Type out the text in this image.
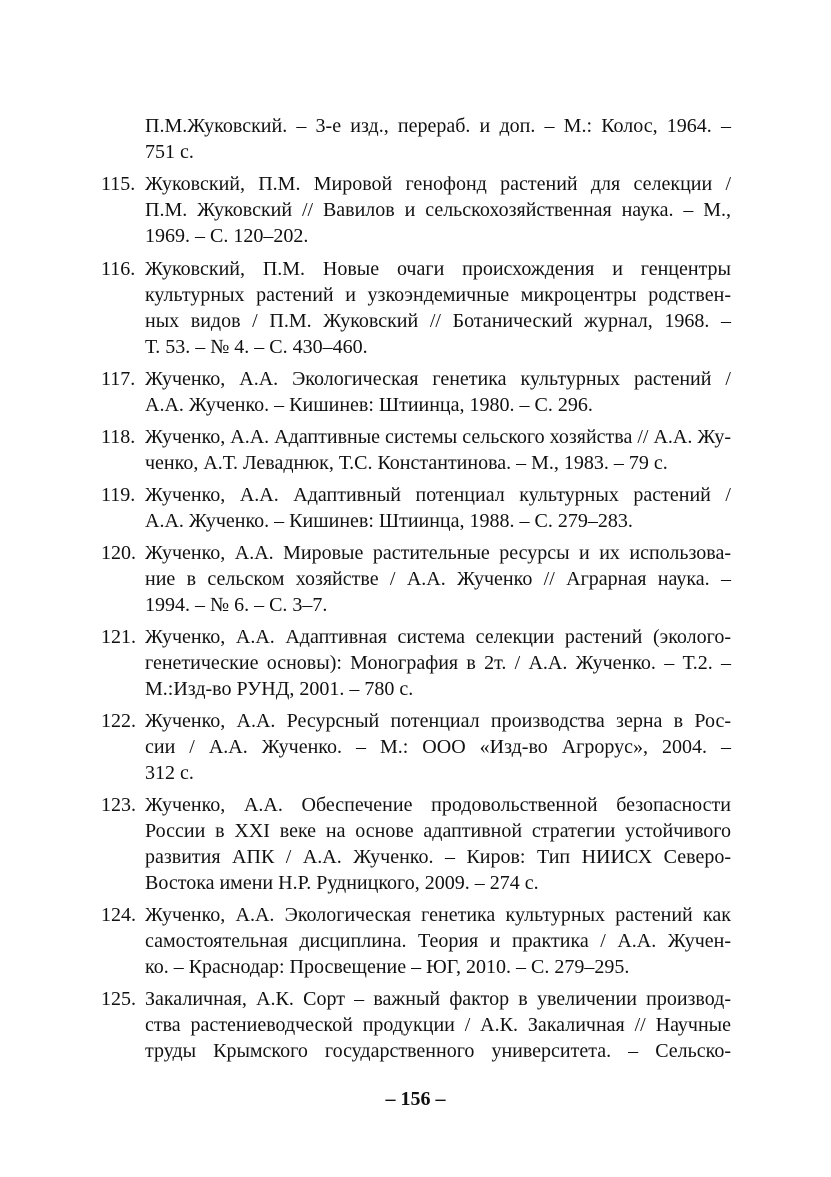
П.М.Жуковский. – 3-е изд., перераб. и доп. – М.: Колос, 1964. –
751 с.
115. Жуковский, П.М. Мировой генофонд растений для селекции /
П.М. Жуковский // Вавилов и сельскохозяйственная наука. – М.,
1969. – С. 120–202.
116. Жуковский, П.М. Новые очаги происхождения и генцентры
культурных растений и узкоэндемичные микроцентры родствен-
ных видов / П.М. Жуковский // Ботанический журнал, 1968. –
Т. 53. – № 4. – С. 430–460.
117. Жученко, А.А. Экологическая генетика культурных растений /
А.А. Жученко. – Кишинев: Штиинца, 1980. – С. 296.
118. Жученко, А.А. Адаптивные системы сельского хозяйства // А.А. Жу-
ченко, А.Т. Леваднюк, Т.С. Константинова. – М., 1983. – 79 с.
119. Жученко, А.А. Адаптивный потенциал культурных растений /
А.А. Жученко. – Кишинев: Штиинца, 1988. – С. 279–283.
120. Жученко, А.А. Мировые растительные ресурсы и их использова-
ние в сельском хозяйстве / А.А. Жученко // Аграрная наука. –
1994. – № 6. – С. 3–7.
121. Жученко, А.А. Адаптивная система селекции растений (эколого-
генетические основы): Монография в 2т. / А.А. Жученко. – Т.2. –
М.:Изд-во РУНД, 2001. – 780 с.
122. Жученко, А.А. Ресурсный потенциал производства зерна в Рос-
сии / А.А. Жученко. – М.: ООО «Изд-во Агрорус», 2004. –
312 с.
123. Жученко, А.А. Обеспечение продовольственной безопасности
России в XXI веке на основе адаптивной стратегии устойчивого
развития АПК / А.А. Жученко. – Киров: Тип НИИСХ Северо-
Востока имени Н.Р. Рудницкого, 2009. – 274 с.
124. Жученко, А.А. Экологическая генетика культурных растений как
самостоятельная дисциплина. Теория и практика / А.А. Жучен-
ко. – Краснодар: Просвещение – ЮГ, 2010. – С. 279–295.
125. Закаличная, А.К. Сорт – важный фактор в увеличении производ-
ства растениеводческой продукции / А.К. Закаличная // Научные
труды Крымского государственного университета. – Сельско-
– 156 –
